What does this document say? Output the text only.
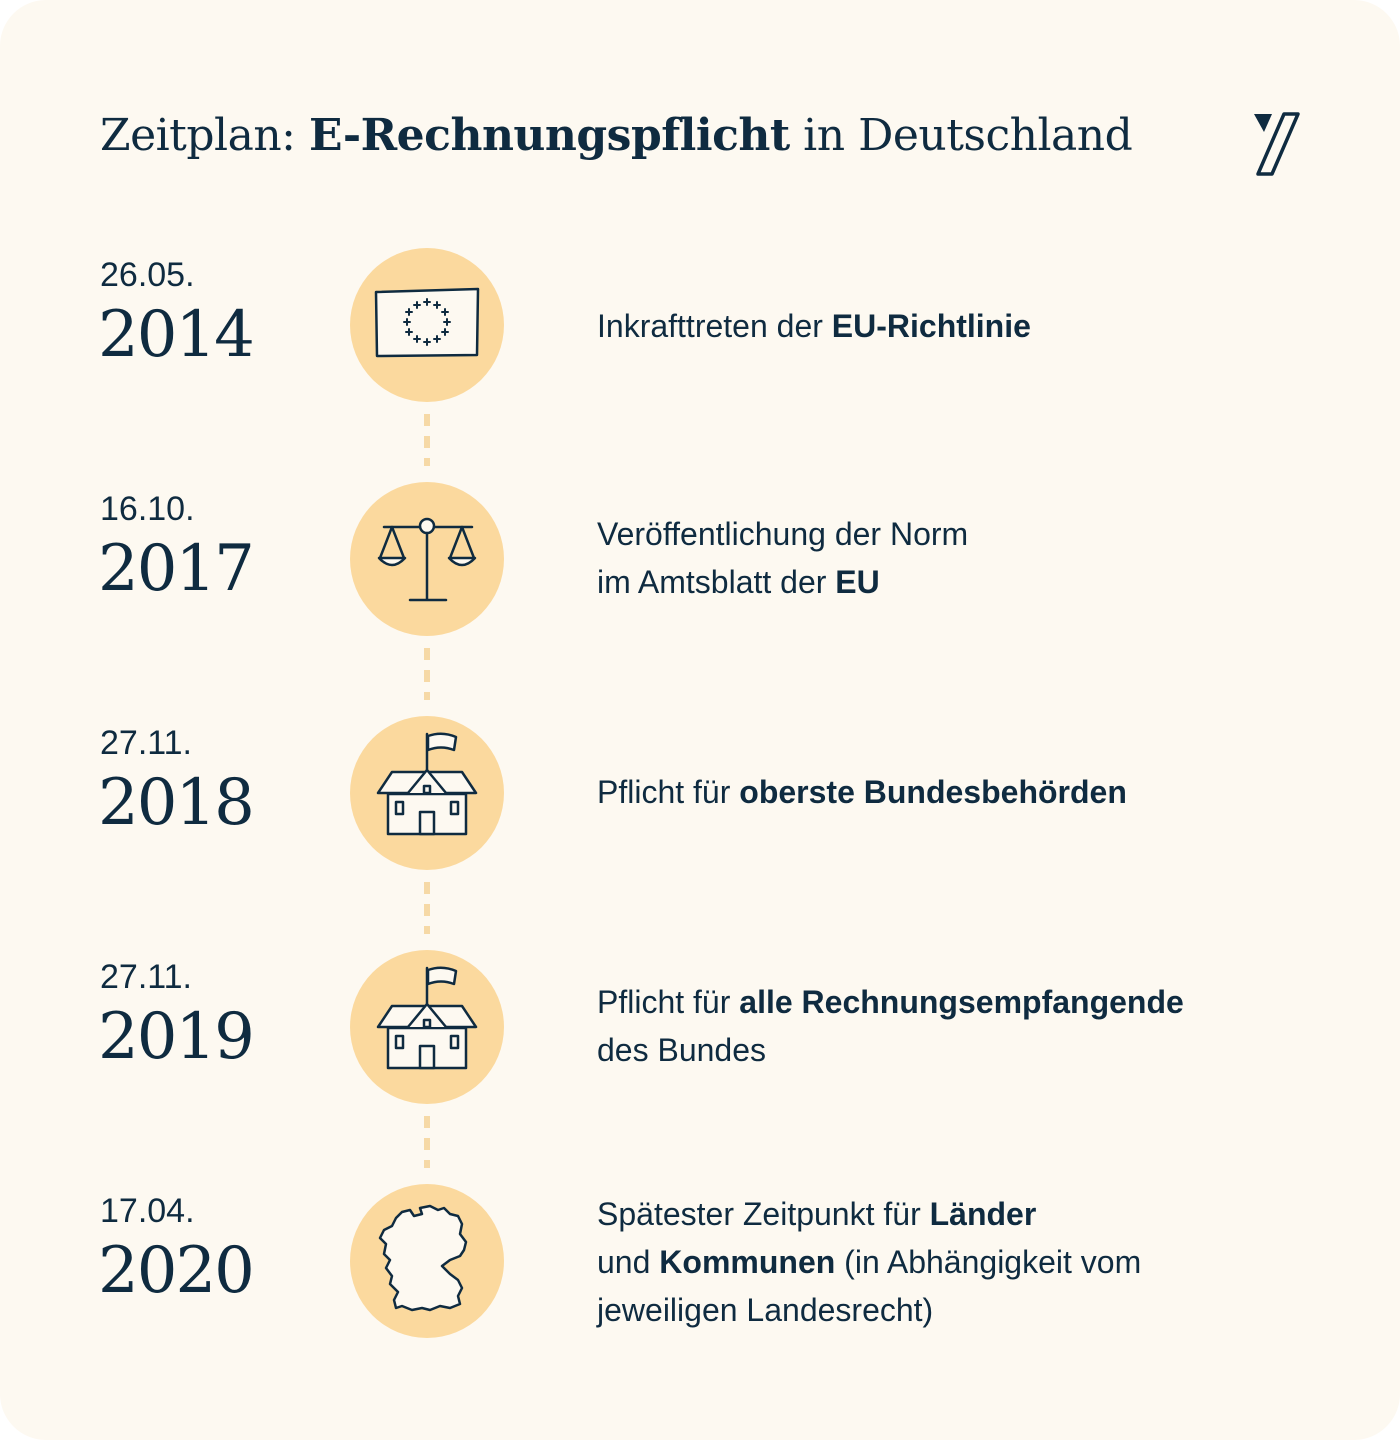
Zeitplan: E-Rechnungspflicht in Deutschland
26.05.
2014	Inkrafttreten der EU-Richtlinie
16.10.
2017	Veröffentlichung der Norm
im Amtsblatt der EU
27.11.
2018	Pflicht für oberste Bundesbehörden
27.11.
2019	Pflicht für alle Rechnungsempfangende
des Bundes
17.04.
2020
Spätester Zeitpunkt für Länder
und Kommunen (in Abhängigkeit vom
jeweiligen Landesrecht)
